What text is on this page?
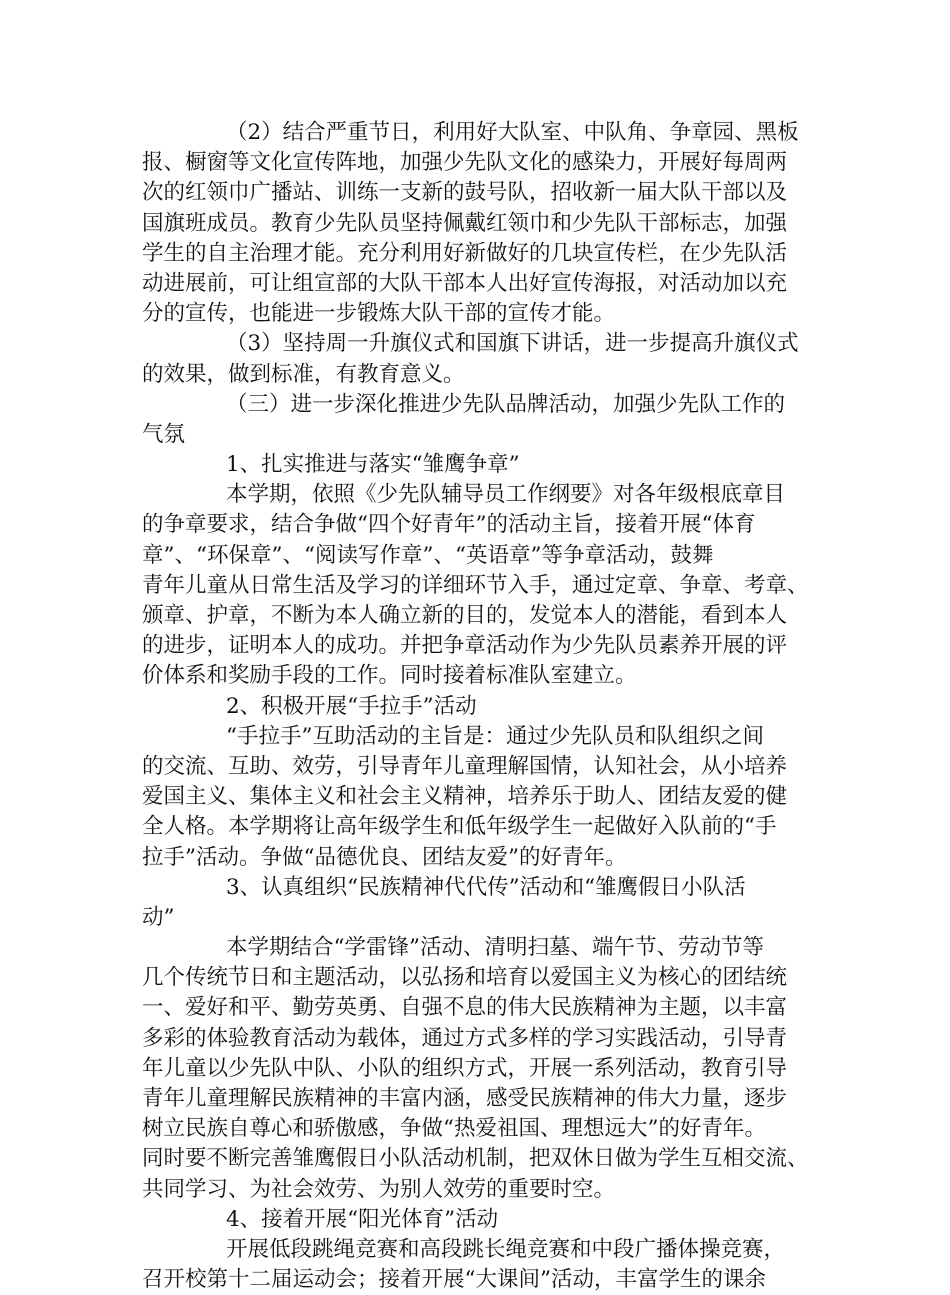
（2）结合严重节日，利用好大队室、中队角、争章园、黑板
报、橱窗等文化宣传阵地，加强少先队文化的感染力，开展好每周两
次的红领巾广播站、训练一支新的鼓号队，招收新一届大队干部以及
国旗班成员。教育少先队员坚持佩戴红领巾和少先队干部标志，加强
学生的自主治理才能。充分利用好新做好的几块宣传栏，在少先队活
动进展前，可让组宣部的大队干部本人出好宣传海报，对活动加以充
分的宣传，也能进一步锻炼大队干部的宣传才能。
（3）坚持周一升旗仪式和国旗下讲话，进一步提高升旗仪式
的效果，做到标准，有教育意义。
（三）进一步深化推进少先队品牌活动，加强少先队工作的
气氛
1、扎实推进与落实“雏鹰争章”
本学期，依照《少先队辅导员工作纲要》对各年级根底章目
的争章要求，结合争做“四个好青年”的活动主旨，接着开展“体育
章”、“环保章”、“阅读写作章”、“英语章”等争章活动，鼓舞
青年儿童从日常生活及学习的详细环节入手，通过定章、争章、考章、
颁章、护章，不断为本人确立新的目的，发觉本人的潜能，看到本人
的进步，证明本人的成功。并把争章活动作为少先队员素养开展的评
价体系和奖励手段的工作。同时接着标准队室建立。
2、积极开展“手拉手”活动
“手拉手”互助活动的主旨是：通过少先队员和队组织之间
的交流、互助、效劳，引导青年儿童理解国情，认知社会，从小培养
爱国主义、集体主义和社会主义精神，培养乐于助人、团结友爱的健
全人格。本学期将让高年级学生和低年级学生一起做好入队前的“手
拉手”活动。争做“品德优良、团结友爱”的好青年。
3、认真组织“民族精神代代传”活动和“雏鹰假日小队活
动”
本学期结合“学雷锋”活动、清明扫墓、端午节、劳动节等
几个传统节日和主题活动，以弘扬和培育以爱国主义为核心的团结统
一、爱好和平、勤劳英勇、自强不息的伟大民族精神为主题，以丰富
多彩的体验教育活动为载体，通过方式多样的学习实践活动，引导青
年儿童以少先队中队、小队的组织方式，开展一系列活动，教育引导
青年儿童理解民族精神的丰富内涵，感受民族精神的伟大力量，逐步
树立民族自尊心和骄傲感，争做“热爱祖国、理想远大”的好青年。
同时要不断完善雏鹰假日小队活动机制，把双休日做为学生互相交流、
共同学习、为社会效劳、为别人效劳的重要时空。
4、接着开展“阳光体育”活动
开展低段跳绳竞赛和高段跳长绳竞赛和中段广播体操竞赛，
召开校第十二届运动会；接着开展“大课间”活动，丰富学生的课余
